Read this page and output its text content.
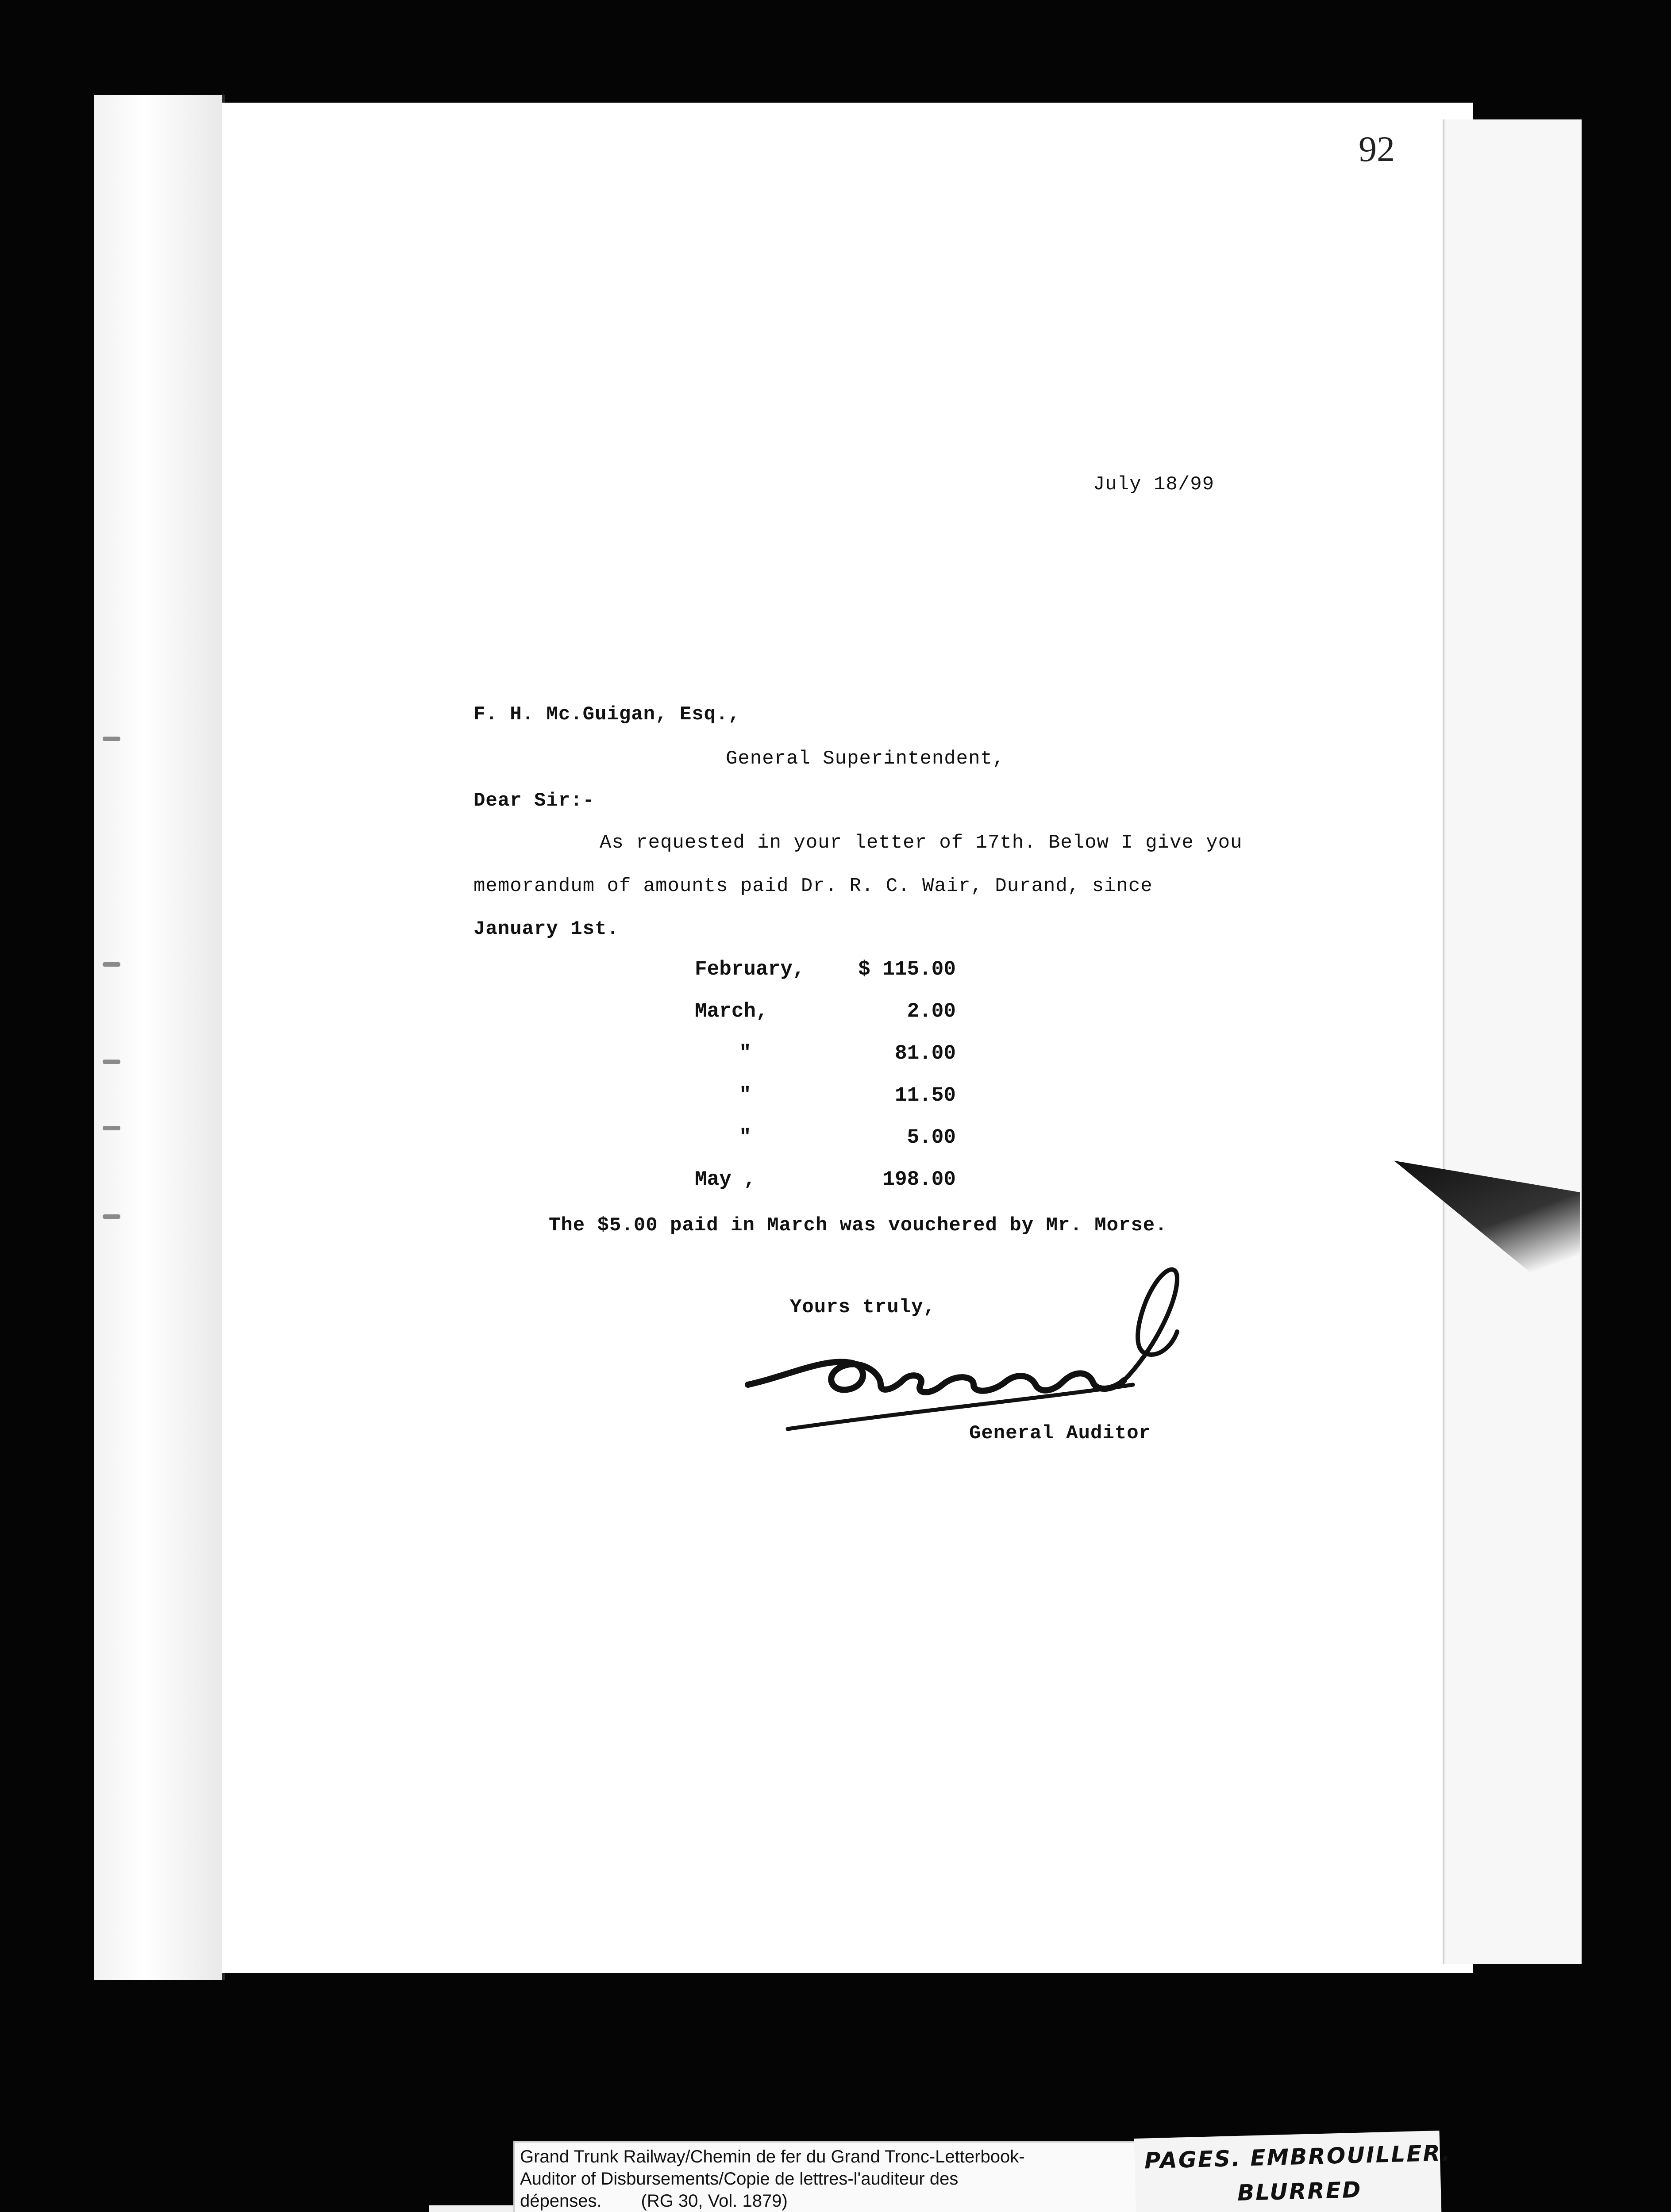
92
July 18/99
F. H. Mc.Guigan, Esq.,
General Superintendent,
Dear Sir:-
As requested in your letter of 17th. Below I give you
memorandum of amounts paid Dr. R. C. Wair, Durand, since
January 1st.
February,	$ 115.00
March,	2.00
"	81.00
"	11.50
"	5.00
May ,	198.00
The $5.00 paid in March was vouchered by Mr. Morse.
Yours truly,
General Auditor
Grand Trunk Railway/Chemin de fer du Grand Tronc-Letterbook-
Auditor of Disbursements/Copie de lettres-l'auditeur des
dépenses.        (RG 30, Vol. 1879)
PAGES. EMBROUILLER.
BLURRED
